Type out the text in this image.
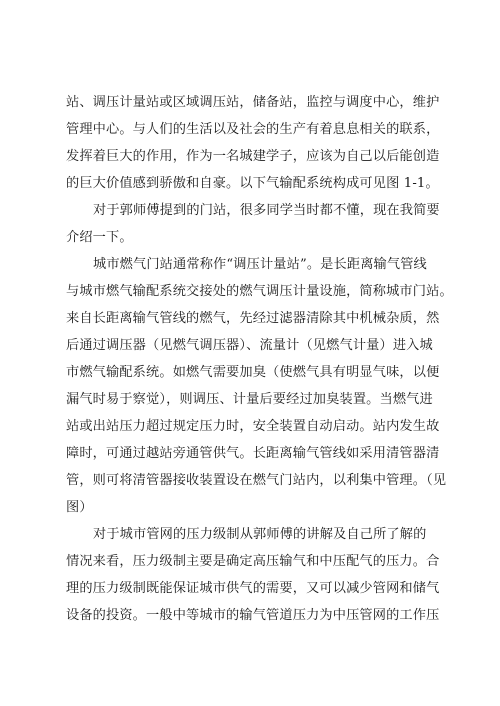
站、调压计量站或区域调压站，储备站，监控与调度中心，维护
管理中心。与人们的生活以及社会的生产有着息息相关的联系，
发挥着巨大的作用，作为一名城建学子，应该为自己以后能创造
的巨大价值感到骄傲和自豪。以下气输配系统构成可见图 1-1。
对于郭师傅提到的门站，很多同学当时都不懂，现在我简要
介绍一下。
城市燃气门站通常称作“调压计量站”。是长距离输气管线
与城市燃气输配系统交接处的燃气调压计量设施，简称城市门站。
来自长距离输气管线的燃气，先经过滤器清除其中机械杂质，然
后通过调压器（见燃气调压器）、流量计（见燃气计量）进入城
市燃气输配系统。如燃气需要加臭（使燃气具有明显气味，以便
漏气时易于察觉），则调压、计量后要经过加臭装置。当燃气进
站或出站压力超过规定压力时，安全装置自动启动。站内发生故
障时，可通过越站旁通管供气。长距离输气管线如采用清管器清
管，则可将清管器接收装置设在燃气门站内，以利集中管理。（见
图）
对于城市管网的压力级制从郭师傅的讲解及自己所了解的
情况来看，压力级制主要是确定高压输气和中压配气的压力。合
理的压力级制既能保证城市供气的需要，又可以减少管网和储气
设备的投资。一般中等城市的输气管道压力为中压管网的工作压
